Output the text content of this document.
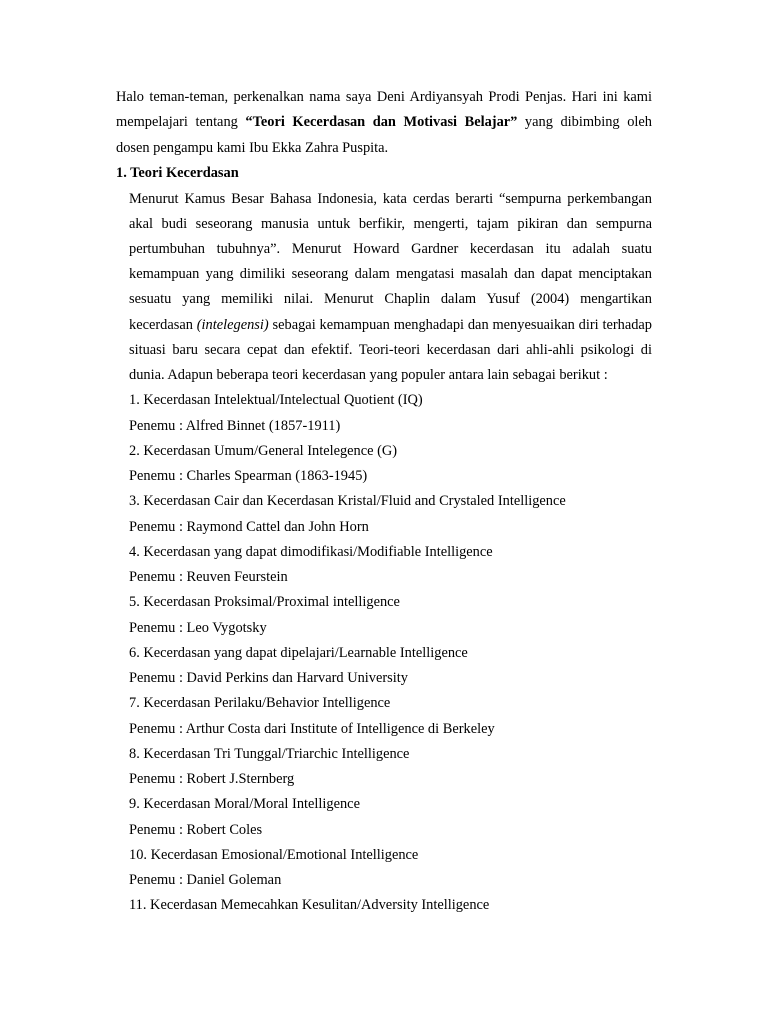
Halo teman-teman, perkenalkan nama saya Deni Ardiyansyah Prodi Penjas. Hari ini kami mempelajari tentang “Teori Kecerdasan dan Motivasi Belajar” yang dibimbing oleh dosen pengampu kami Ibu Ekka Zahra Puspita.

1. Teori Kecerdasan

Menurut Kamus Besar Bahasa Indonesia, kata cerdas berarti “sempurna perkembangan akal budi seseorang manusia untuk berfikir, mengerti, tajam pikiran dan sempurna pertumbuhan tubuhnya”. Menurut Howard Gardner kecerdasan itu adalah suatu kemampuan yang dimiliki seseorang dalam mengatasi masalah dan dapat menciptakan sesuatu yang memiliki nilai. Menurut Chaplin dalam Yusuf (2004) mengartikan kecerdasan (intelegensi) sebagai kemampuan menghadapi dan menyesuaikan diri terhadap situasi baru secara cepat dan efektif. Teori-teori kecerdasan dari ahli-ahli psikologi di dunia. Adapun beberapa teori kecerdasan yang populer antara lain sebagai berikut :

1. Kecerdasan Intelektual/Intelectual Quotient (IQ)

Penemu : Alfred Binnet (1857-1911)

2. Kecerdasan Umum/General Intelegence (G)

Penemu : Charles Spearman (1863-1945)

3. Kecerdasan Cair dan Kecerdasan Kristal/Fluid and Crystaled Intelligence

Penemu : Raymond Cattel dan John Horn

4. Kecerdasan yang dapat dimodifikasi/Modifiable Intelligence

Penemu : Reuven Feurstein

5. Kecerdasan Proksimal/Proximal intelligence

Penemu : Leo Vygotsky

6. Kecerdasan yang dapat dipelajari/Learnable Intelligence

Penemu : David Perkins dan Harvard University

7. Kecerdasan Perilaku/Behavior Intelligence

Penemu : Arthur Costa dari Institute of Intelligence di Berkeley

8. Kecerdasan Tri Tunggal/Triarchic Intelligence

Penemu : Robert J.Sternberg

9. Kecerdasan Moral/Moral Intelligence

Penemu : Robert Coles

10. Kecerdasan Emosional/Emotional Intelligence

Penemu : Daniel Goleman

11. Kecerdasan Memecahkan Kesulitan/Adversity Intelligence
